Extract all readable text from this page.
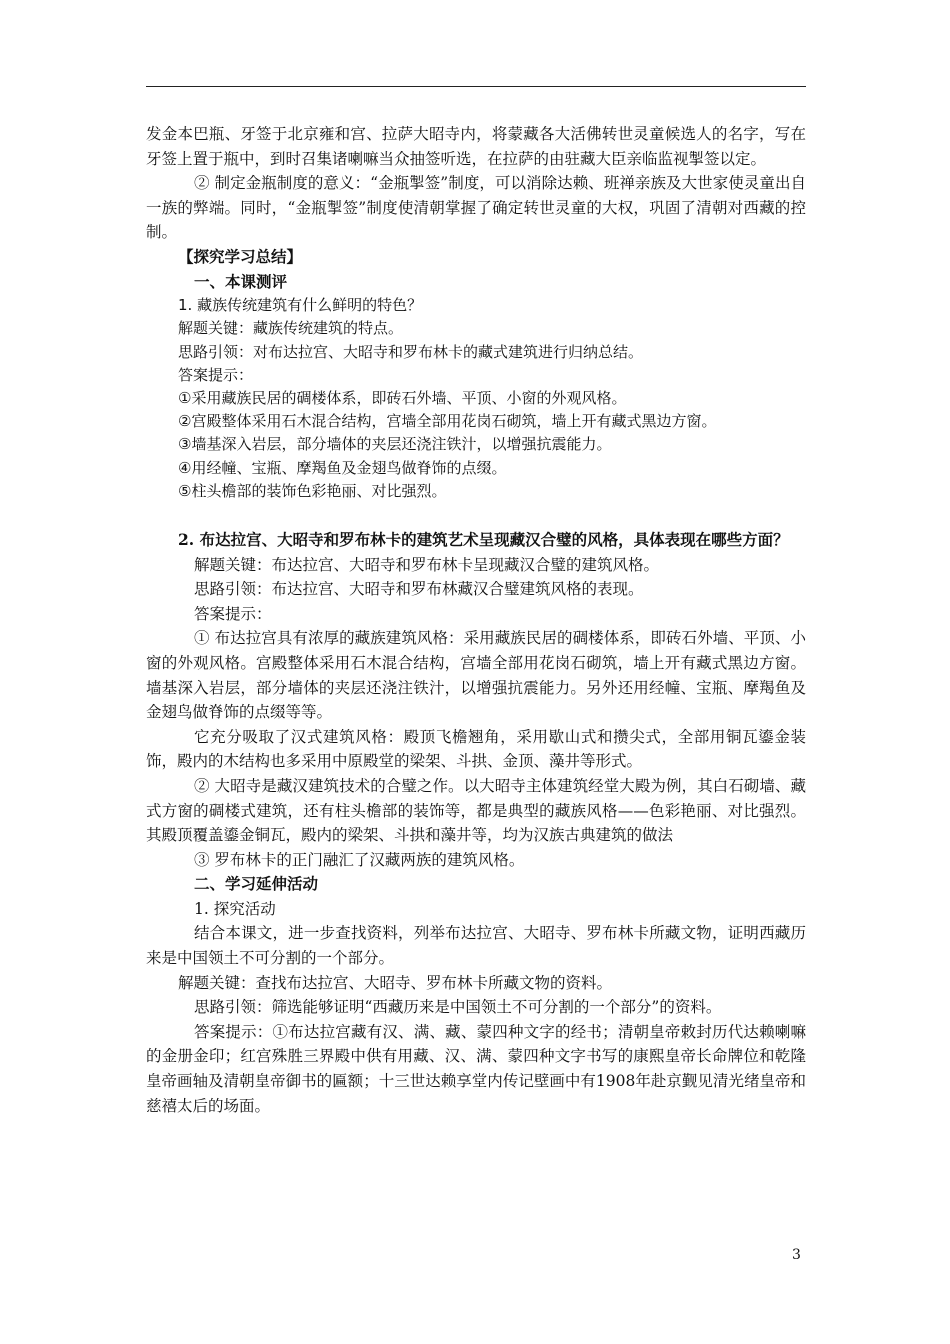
发金本巴瓶、牙签于北京雍和宫、拉萨大昭寺内，将蒙藏各大活佛转世灵童候选人的名字，写在牙签上置于瓶中，到时召集诸喇嘛当众抽签听选，在拉萨的由驻藏大臣亲临监视掣签以定。

② 制定金瓶制度的意义：“金瓶掣签”制度，可以消除达赖、班禅亲族及大世家使灵童出自一族的弊端。同时，“金瓶掣签”制度使清朝掌握了确定转世灵童的大权，巩固了清朝对西藏的控制。

【探究学习总结】

一、本课测评

1. 藏族传统建筑有什么鲜明的特色？

解题关键：藏族传统建筑的特点。

思路引领：对布达拉宫、大昭寺和罗布林卡的藏式建筑进行归纳总结。

答案提示：

①采用藏族民居的碉楼体系，即砖石外墙、平顶、小窗的外观风格。

②宫殿整体采用石木混合结构，宫墙全部用花岗石砌筑，墙上开有藏式黑边方窗。

③墙基深入岩层，部分墙体的夹层还浇注铁汁，以增强抗震能力。

④用经幢、宝瓶、摩羯鱼及金翅鸟做脊饰的点缀。

⑤柱头檐部的装饰色彩艳丽、对比强烈。

2. 布达拉宫、大昭寺和罗布林卡的建筑艺术呈现藏汉合璧的风格，具体表现在哪些方面？

解题关键：布达拉宫、大昭寺和罗布林卡呈现藏汉合璧的建筑风格。

思路引领：布达拉宫、大昭寺和罗布林藏汉合璧建筑风格的表现。

答案提示：

① 布达拉宫具有浓厚的藏族建筑风格：采用藏族民居的碉楼体系，即砖石外墙、平顶、小窗的外观风格。宫殿整体采用石木混合结构，宫墙全部用花岗石砌筑，墙上开有藏式黑边方窗。墙基深入岩层，部分墙体的夹层还浇注铁汁，以增强抗震能力。另外还用经幢、宝瓶、摩羯鱼及金翅鸟做脊饰的点缀等等。

它充分吸取了汉式建筑风格：殿顶飞檐翘角，采用歇山式和攒尖式，全部用铜瓦鎏金装饰，殿内的木结构也多采用中原殿堂的梁架、斗拱、金顶、藻井等形式。

② 大昭寺是藏汉建筑技术的合璧之作。以大昭寺主体建筑经堂大殿为例，其白石砌墙、藏式方窗的碉楼式建筑，还有柱头檐部的装饰等，都是典型的藏族风格——色彩艳丽、对比强烈。其殿顶覆盖鎏金铜瓦，殿内的梁架、斗拱和藻井等，均为汉族古典建筑的做法

③ 罗布林卡的正门融汇了汉藏两族的建筑风格。

二、学习延伸活动

1. 探究活动

结合本课文，进一步查找资料，列举布达拉宫、大昭寺、罗布林卡所藏文物，证明西藏历来是中国领土不可分割的一个部分。

解题关键：查找布达拉宫、大昭寺、罗布林卡所藏文物的资料。

思路引领：筛选能够证明“西藏历来是中国领土不可分割的一个部分”的资料。

答案提示：①布达拉宫藏有汉、满、藏、蒙四种文字的经书；清朝皇帝敕封历代达赖喇嘛的金册金印；红宫殊胜三界殿中供有用藏、汉、满、蒙四种文字书写的康熙皇帝长命牌位和乾隆皇帝画轴及清朝皇帝御书的匾额；十三世达赖享堂内传记壁画中有1908年赴京觐见清光绪皇帝和慈禧太后的场面。

3
